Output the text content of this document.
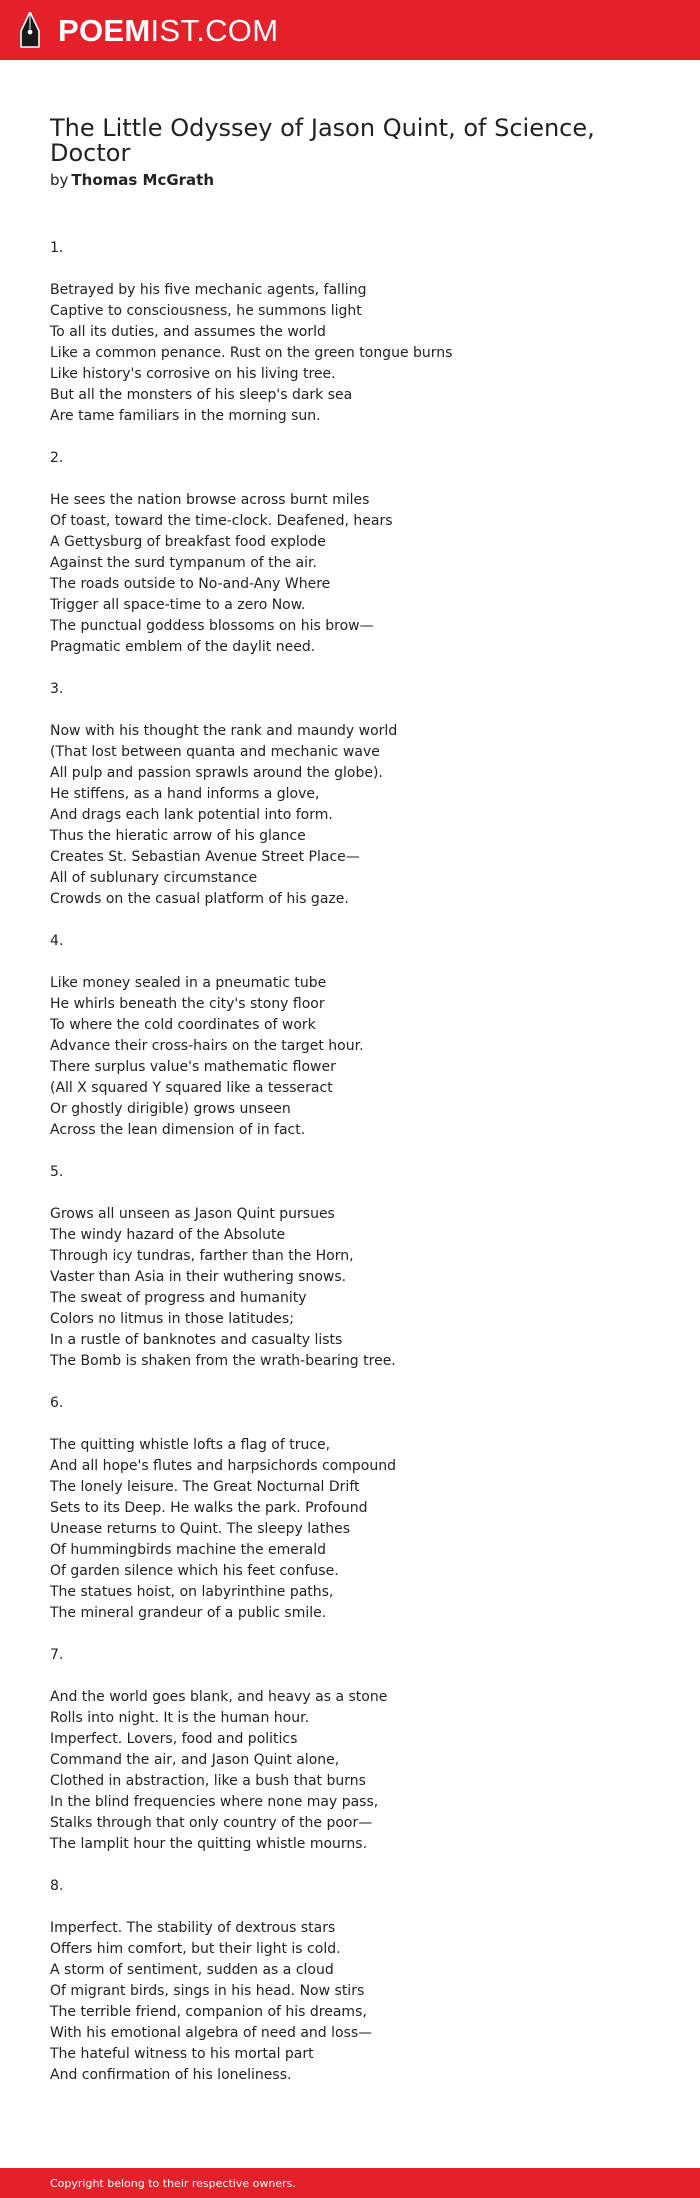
POEMIST.COM
The Little Odyssey of Jason Quint, of Science, Doctor
by Thomas McGrath
1.
Betrayed by his five mechanic agents, falling
Captive to consciousness, he summons light
To all its duties, and assumes the world
Like a common penance. Rust on the green tongue burns
Like history's corrosive on his living tree.
But all the monsters of his sleep's dark sea
Are tame familiars in the morning sun.
2.
He sees the nation browse across burnt miles
Of toast, toward the time-clock. Deafened, hears
A Gettysburg of breakfast food explode
Against the surd tympanum of the air.
The roads outside to No-and-Any Where
Trigger all space-time to a zero Now.
The punctual goddess blossoms on his brow—
Pragmatic emblem of the daylit need.
3.
Now with his thought the rank and maundy world
(That lost between quanta and mechanic wave
All pulp and passion sprawls around the globe).
He stiffens, as a hand informs a glove,
And drags each lank potential into form.
Thus the hieratic arrow of his glance
Creates St. Sebastian Avenue Street Place—
All of sublunary circumstance
Crowds on the casual platform of his gaze.
4.
Like money sealed in a pneumatic tube
He whirls beneath the city's stony floor
To where the cold coordinates of work
Advance their cross-hairs on the target hour.
There surplus value's mathematic flower
(All X squared Y squared like a tesseract
Or ghostly dirigible) grows unseen
Across the lean dimension of in fact.
5.
Grows all unseen as Jason Quint pursues
The windy hazard of the Absolute
Through icy tundras, farther than the Horn,
Vaster than Asia in their wuthering snows.
The sweat of progress and humanity
Colors no litmus in those latitudes;
In a rustle of banknotes and casualty lists
The Bomb is shaken from the wrath-bearing tree.
6.
The quitting whistle lofts a flag of truce,
And all hope's flutes and harpsichords compound
The lonely leisure. The Great Nocturnal Drift
Sets to its Deep. He walks the park. Profound
Unease returns to Quint. The sleepy lathes
Of hummingbirds machine the emerald
Of garden silence which his feet confuse.
The statues hoist, on labyrinthine paths,
The mineral grandeur of a public smile.
7.
And the world goes blank, and heavy as a stone
Rolls into night. It is the human hour.
Imperfect. Lovers, food and politics
Command the air, and Jason Quint alone,
Clothed in abstraction, like a bush that burns
In the blind frequencies where none may pass,
Stalks through that only country of the poor—
The lamplit hour the quitting whistle mourns.
8.
Imperfect. The stability of dextrous stars
Offers him comfort, but their light is cold.
A storm of sentiment, sudden as a cloud
Of migrant birds, sings in his head. Now stirs
The terrible friend, companion of his dreams,
With his emotional algebra of need and loss—
The hateful witness to his mortal part
And confirmation of his loneliness.
Copyright belong to their respective owners.
